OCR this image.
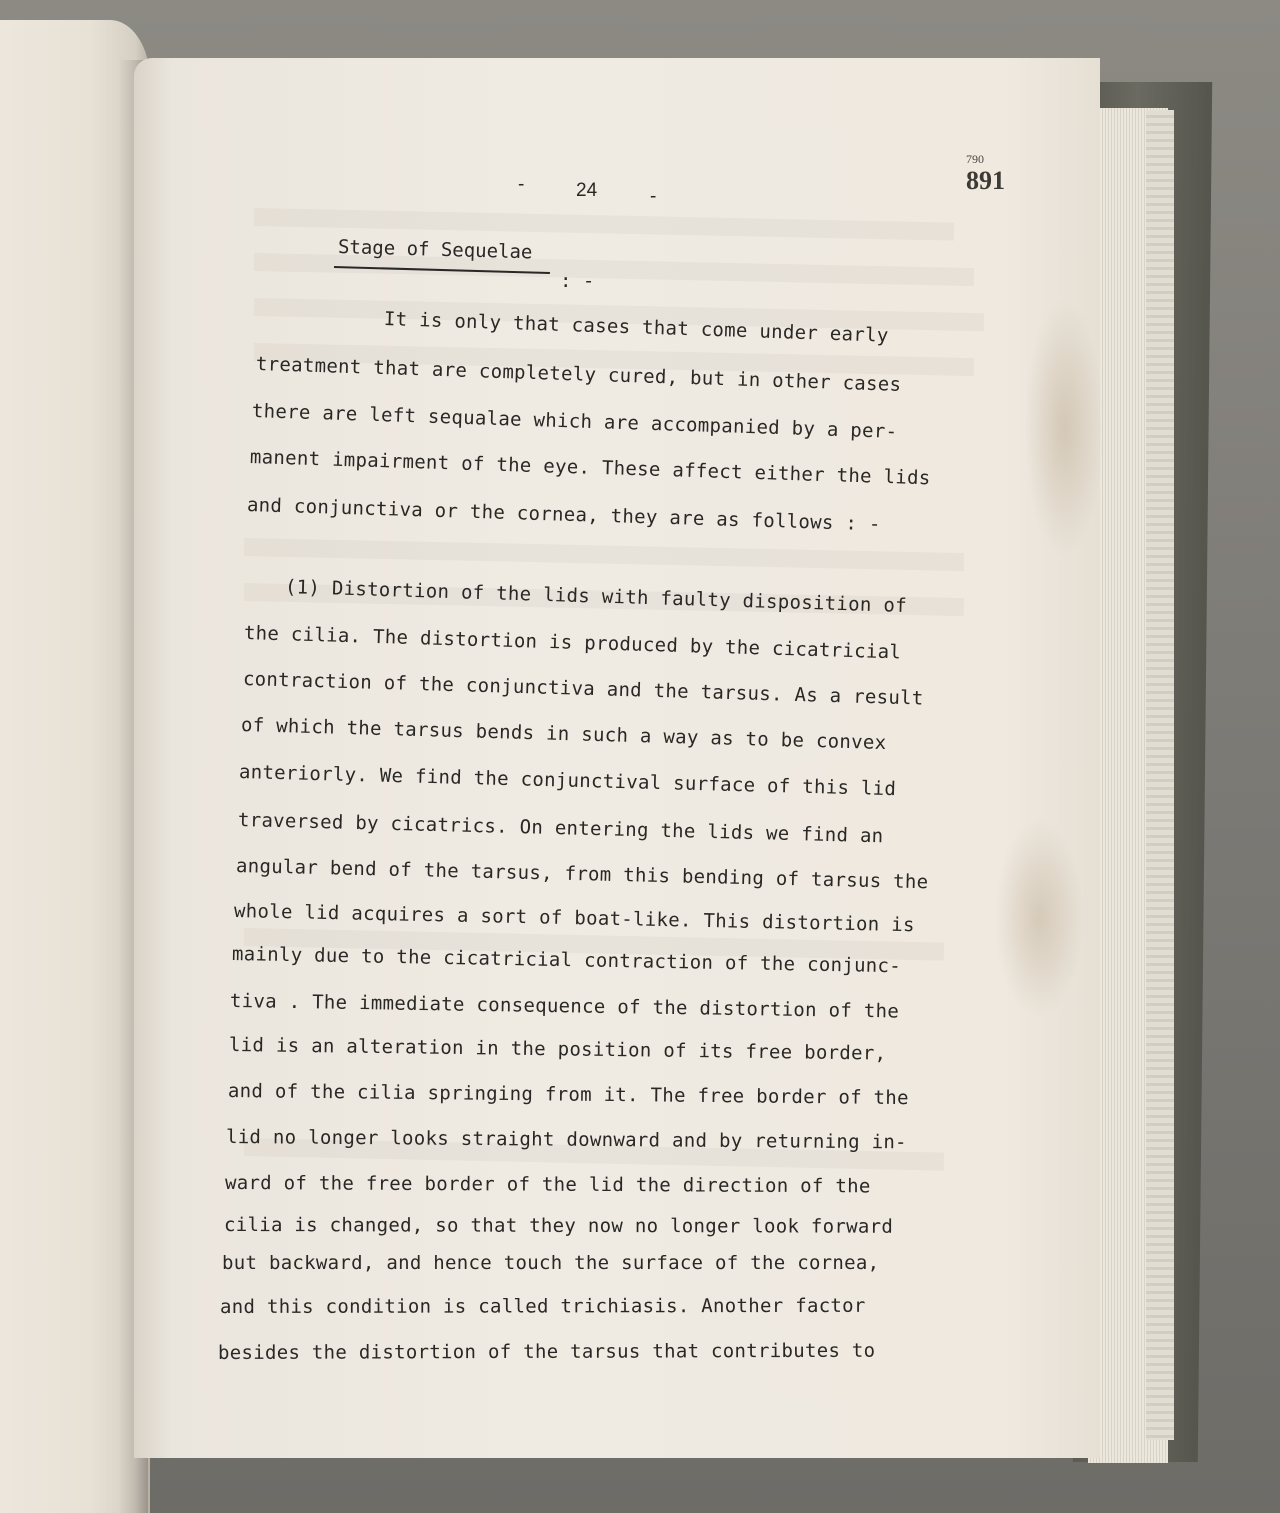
-	24	-
790
891
Stage of Sequelae
: -
It is only that cases that come under early
treatment that are completely cured, but in other cases
there are left sequalae which are accompanied by a per-
manent impairment of the eye. These affect either the lids
and conjunctiva or the cornea, they are as follows : -
(1) Distortion of the lids with faulty disposition of
the cilia. The distortion is produced by the cicatricial
contraction of the conjunctiva and the tarsus. As a result
of which the tarsus bends in such a way as to be convex
anteriorly. We find the conjunctival surface of this lid
traversed by cicatrics. On entering the lids we find an
angular bend of the tarsus, from this bending of tarsus the
whole lid acquires a sort of boat-like. This distortion is
mainly due to the cicatricial contraction of the conjunc-
tiva . The immediate consequence of the distortion of the
lid is an alteration in the position of its free border,
and of the cilia springing from it. The free border of the
lid no longer looks straight downward and by returning in-
ward of the free border of the lid the direction of the
cilia is changed, so that they now no longer look forward
but backward, and hence touch the surface of the cornea,
and this condition is called trichiasis. Another factor
besides the distortion of the tarsus that contributes to
